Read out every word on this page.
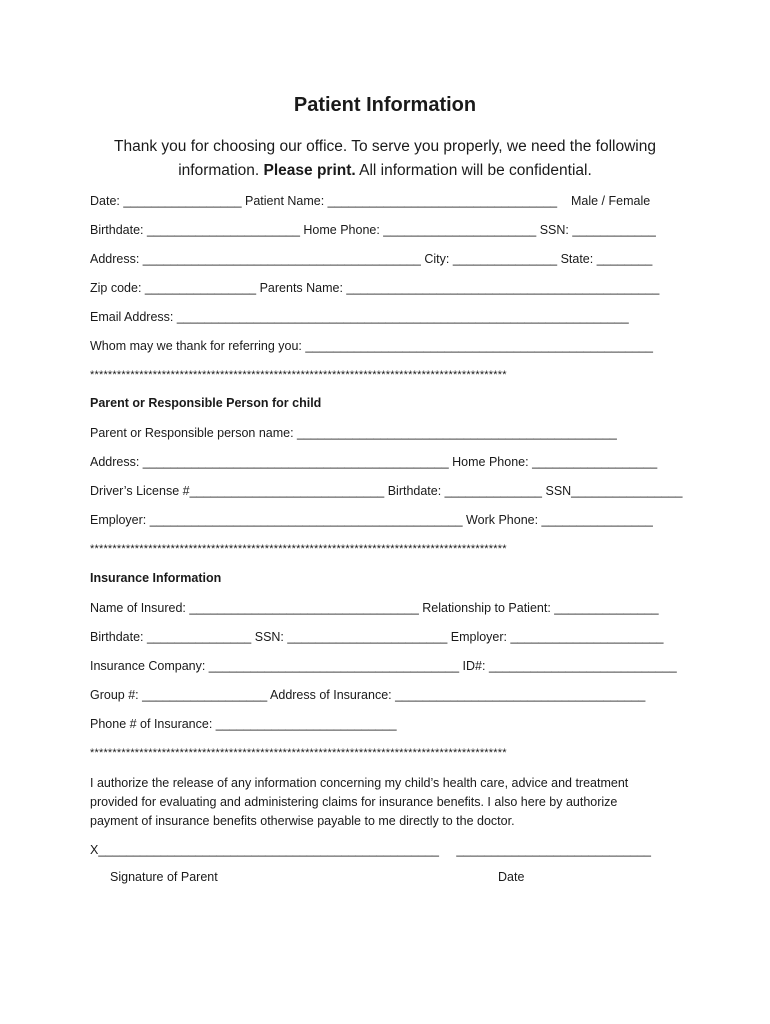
Patient Information
Thank you for choosing our office. To serve you properly, we need the following
information. Please print. All information will be confidential.
Date: _________________ Patient Name: _________________________________    Male / Female
Birthdate: ______________________ Home Phone: ______________________ SSN: ____________
Address: ________________________________________ City: _______________ State: ________
Zip code: ________________ Parents Name: _____________________________________________
Email Address: _________________________________________________________________
Whom may we thank for referring you: __________________________________________________
*********************************************************************************************
Parent or Responsible Person for child
Parent or Responsible person name: ______________________________________________
Address: ____________________________________________ Home Phone: __________________
Driver’s License #____________________________ Birthdate: ______________ SSN________________
Employer: _____________________________________________ Work Phone: ________________
*********************************************************************************************
Insurance Information
Name of Insured: _________________________________ Relationship to Patient: _______________
Birthdate: _______________ SSN: _______________________ Employer: ______________________
Insurance Company: ____________________________________ ID#: ___________________________
Group #: __________________ Address of Insurance: ____________________________________
Phone # of Insurance: __________________________
*********************************************************************************************
I authorize the release of any information concerning my child’s health care, advice and treatment
provided for evaluating and administering claims for insurance benefits. I also here by authorize
payment of insurance benefits otherwise payable to me directly to the doctor.
X_________________________________________________     ____________________________
Signature of Parent	Date
